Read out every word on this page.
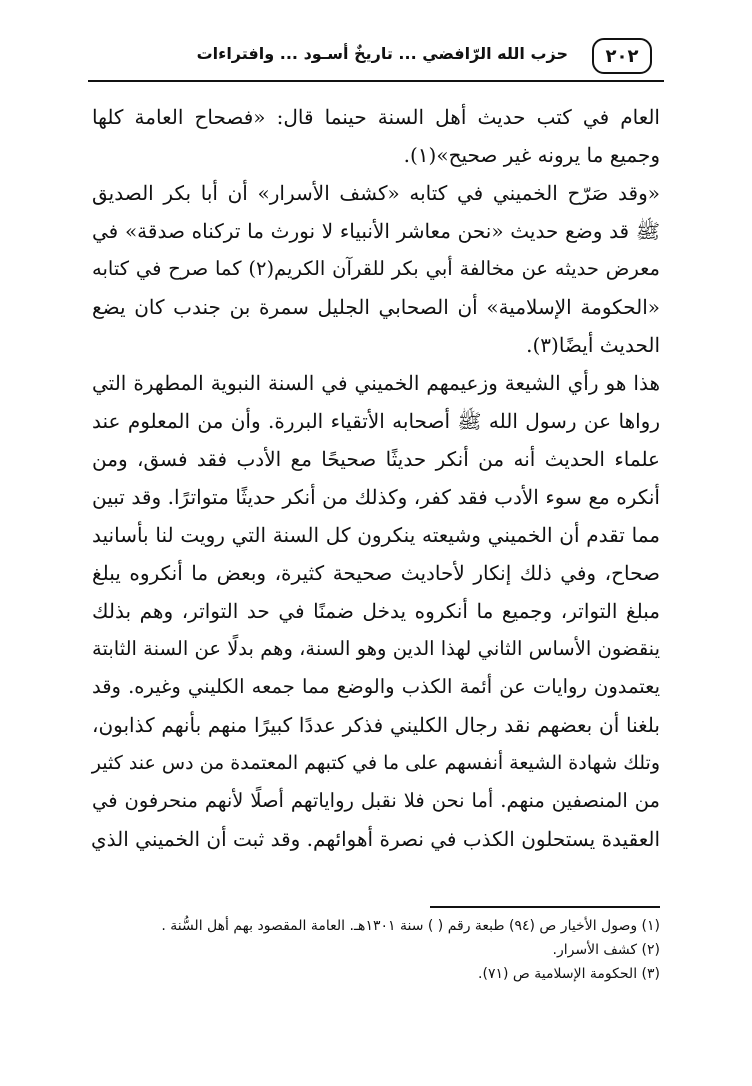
٢٠٢
حزب الله الرّافضي ... تاريخٌ أسـود ... وافتراءات
العام في كتب حديث أهل السنة حينما قال: «فصحاح العامة كلها
وجميع ما يرونه غير صحيح»(١).
«وقد صَرّح الخميني في كتابه «كشف الأسرار» أن أبا بكر الصديق
ﷺ قد وضع حديث «نحن معاشر الأنبياء لا نورث ما تركناه صدقة» في
معرض حديثه عن مخالفة أبي بكر للقرآن الكريم(٢) كما صرح في كتابه
«الحكومة الإسلامية» أن الصحابي الجليل سمرة بن جندب كان يضع
الحديث أيضًا(٣).
هذا هو رأي الشيعة وزعيمهم الخميني في السنة النبوية المطهرة التي
رواها عن رسول الله ﷺ أصحابه الأتقياء البررة. وأن من المعلوم عند
علماء الحديث أنه من أنكر حديثًا صحيحًا مع الأدب فقد فسق، ومن
أنكره مع سوء الأدب فقد كفر، وكذلك من أنكر حديثًا متواترًا. وقد تبين
مما تقدم أن الخميني وشيعته ينكرون كل السنة التي رويت لنا بأسانيد
صحاح، وفي ذلك إنكار لأحاديث صحيحة كثيرة، وبعض ما أنكروه يبلغ
مبلغ التواتر، وجميع ما أنكروه يدخل ضمنًا في حد التواتر، وهم بذلك
ينقضون الأساس الثاني لهذا الدين وهو السنة، وهم بدلًا عن السنة الثابتة
يعتمدون روايات عن أئمة الكذب والوضع مما جمعه الكليني وغيره. وقد
بلغنا أن بعضهم نقد رجال الكليني فذكر عددًا كبيرًا منهم بأنهم كذابون،
وتلك شهادة الشيعة أنفسهم على ما في كتبهم المعتمدة من دس عند كثير
من المنصفين منهم. أما نحن فلا نقبل رواياتهم أصلًا لأنهم منحرفون في
العقيدة يستحلون الكذب في نصرة أهوائهم. وقد ثبت أن الخميني الذي
(١) وصول الأخيار ص (٩٤) طبعة رقم ( ) سنة ١٣٠١هـ. العامة المقصود بهم أهل السُّنة .
(٢) كشف الأسرار.
(٣) الحكومة الإسلامية ص (٧١).
